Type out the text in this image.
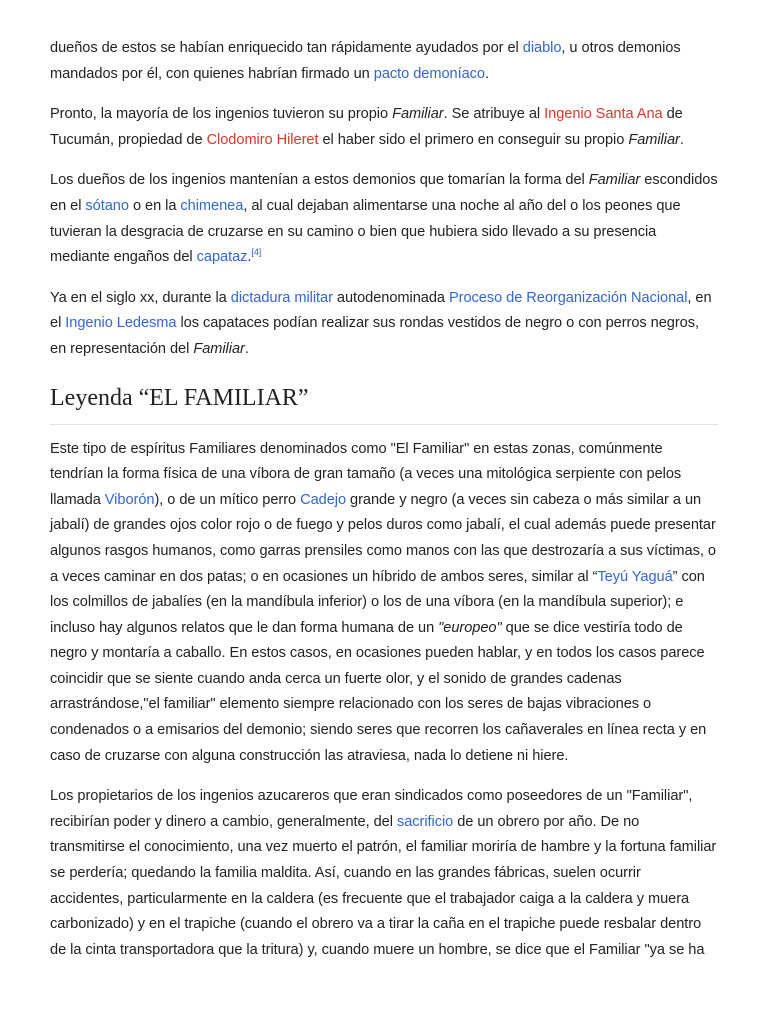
dueños de estos se habían enriquecido tan rápidamente ayudados por el diablo, u otros demonios mandados por él, con quienes habrían firmado un pacto demoníaco.

Pronto, la mayoría de los ingenios tuvieron su propio Familiar. Se atribuye al Ingenio Santa Ana de Tucumán, propiedad de Clodomiro Hileret el haber sido el primero en conseguir su propio Familiar.

Los dueños de los ingenios mantenían a estos demonios que tomarían la forma del Familiar escondidos en el sótano o en la chimenea, al cual dejaban alimentarse una noche al año del o los peones que tuvieran la desgracia de cruzarse en su camino o bien que hubiera sido llevado a su presencia mediante engaños del capataz.[4]

Ya en el siglo xx, durante la dictadura militar autodenominada Proceso de Reorganización Nacional, en el Ingenio Ledesma los capataces podían realizar sus rondas vestidos de negro o con perros negros, en representación del Familiar.

Leyenda “EL FAMILIAR”

Este tipo de espíritus Familiares denominados como "El Familiar" en estas zonas, comúnmente tendrían la forma física de una víbora de gran tamaño (a veces una mitológica serpiente con pelos llamada Viborón), o de un mítico perro Cadejo grande y negro (a veces sin cabeza o más similar a un jabalí) de grandes ojos color rojo o de fuego y pelos duros como jabalí, el cual además puede presentar algunos rasgos humanos, como garras prensiles como manos con las que destrozaría a sus víctimas, o a veces caminar en dos patas; o en ocasiones un híbrido de ambos seres, similar al “Teyú Yaguá” con los colmillos de jabalíes (en la mandíbula inferior) o los de una víbora (en la mandíbula superior); e incluso hay algunos relatos que le dan forma humana de un "europeo" que se dice vestiría todo de negro y montaría a caballo. En estos casos, en ocasiones pueden hablar, y en todos los casos parece coincidir que se siente cuando anda cerca un fuerte olor, y el sonido de grandes cadenas arrastrándose,"el familiar" elemento siempre relacionado con los seres de bajas vibraciones o condenados o a emisarios del demonio; siendo seres que recorren los cañaverales en línea recta y en caso de cruzarse con alguna construcción las atraviesa, nada lo detiene ni hiere.

Los propietarios de los ingenios azucareros que eran sindicados como poseedores de un "Familiar", recibirían poder y dinero a cambio, generalmente, del sacrificio de un obrero por año. De no transmitirse el conocimiento, una vez muerto el patrón, el familiar moriría de hambre y la fortuna familiar se perdería; quedando la familia maldita. Así, cuando en las grandes fábricas, suelen ocurrir accidentes, particularmente en la caldera (es frecuente que el trabajador caiga a la caldera y muera carbonizado) y en el trapiche (cuando el obrero va a tirar la caña en el trapiche puede resbalar dentro de la cinta transportadora que la tritura) y, cuando muere un hombre, se dice que el Familiar "ya se ha
